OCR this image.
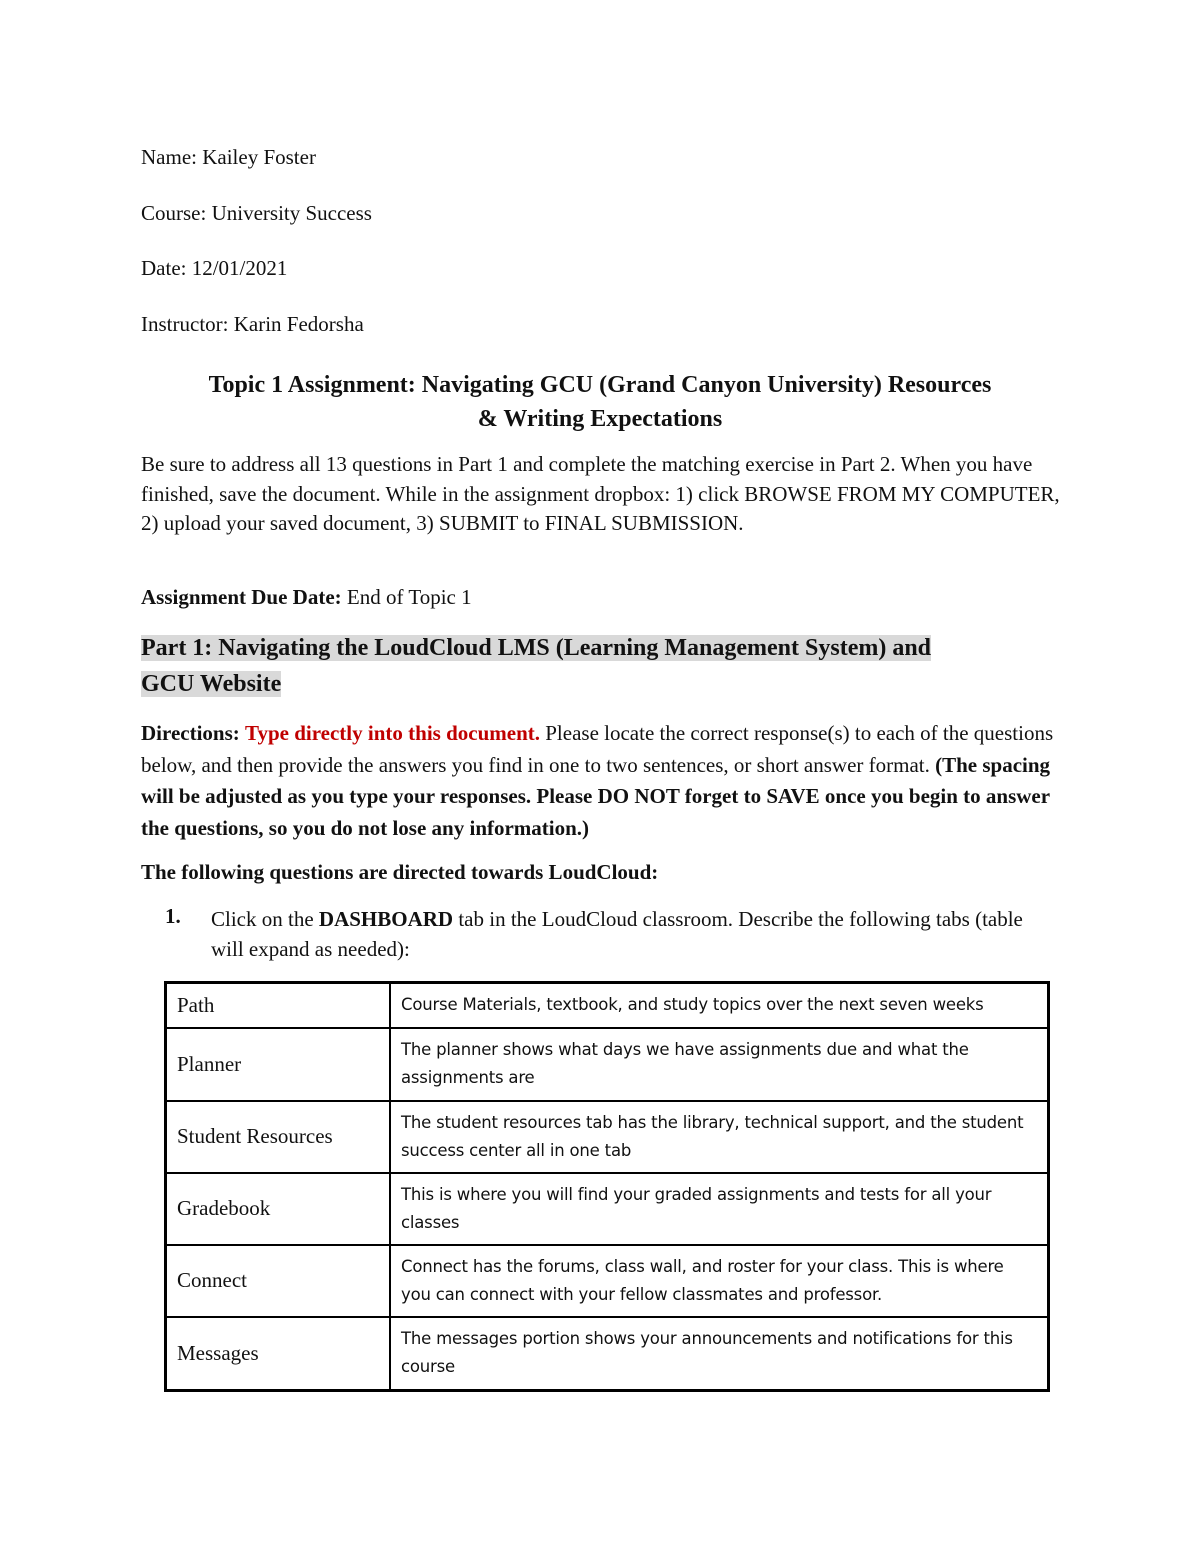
Name: Kailey Foster
Course: University Success
Date: 12/01/2021
Instructor: Karin Fedorsha
Topic 1 Assignment: Navigating GCU (Grand Canyon University) Resources
& Writing Expectations
Be sure to address all 13 questions in Part 1 and complete the matching exercise in Part 2. When you have finished, save the document. While in the assignment dropbox: 1) click BROWSE FROM MY COMPUTER, 2) upload your saved document, 3) SUBMIT to FINAL SUBMISSION.
Assignment Due Date: End of Topic 1
Part 1: Navigating the LoudCloud LMS (Learning Management System) and
GCU Website
Directions: Type directly into this document. Please locate the correct response(s) to each of the questions below, and then provide the answers you find in one to two sentences, or short answer format. (The spacing will be adjusted as you type your responses. Please DO NOT forget to SAVE once you begin to answer the questions, so you do not lose any information.)
The following questions are directed towards LoudCloud:
1. Click on the DASHBOARD tab in the LoudCloud classroom. Describe the following tabs (table will expand as needed):
Path	Course Materials, textbook, and study topics over the next seven weeks
Planner	The planner shows what days we have assignments due and what the assignments are
Student Resources	The student resources tab has the library, technical support, and the student success center all in one tab
Gradebook	This is where you will find your graded assignments and tests for all your classes
Connect	Connect has the forums, class wall, and roster for your class. This is where you can connect with your fellow classmates and professor.
Messages	The messages portion shows your announcements and notifications for this course
